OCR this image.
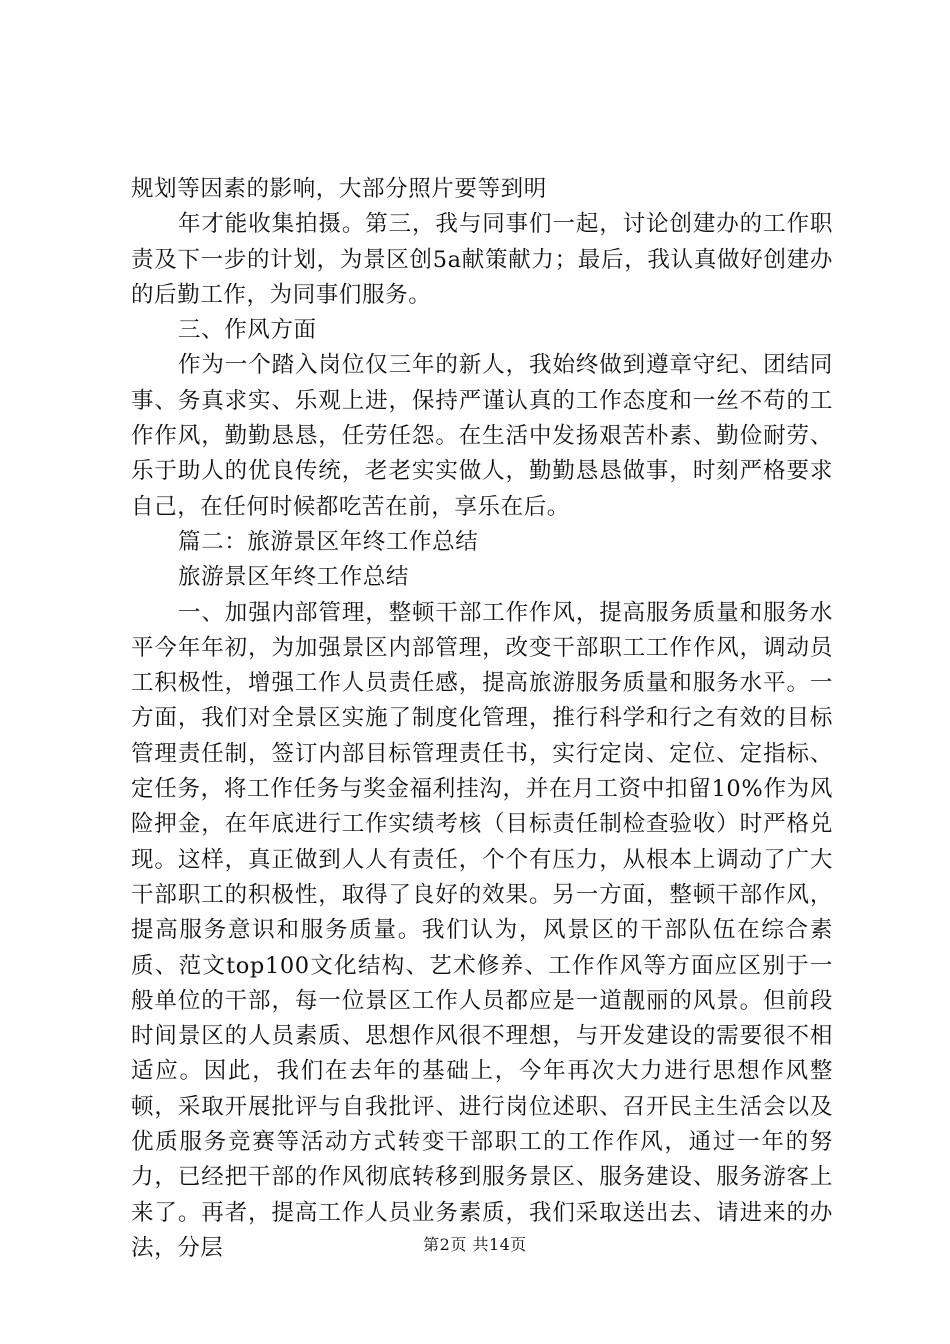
规划等因素的影响，大部分照片要等到明

年才能收集拍摄。第三，我与同事们一起，讨论创建办的工作职责及下一步的计划，为景区创5a献策献力；最后，我认真做好创建办的后勤工作，为同事们服务。

三、作风方面

作为一个踏入岗位仅三年的新人，我始终做到遵章守纪、团结同事、务真求实、乐观上进，保持严谨认真的工作态度和一丝不苟的工作作风，勤勤恳恳，任劳任怨。在生活中发扬艰苦朴素、勤俭耐劳、乐于助人的优良传统，老老实实做人，勤勤恳恳做事，时刻严格要求自己，在任何时候都吃苦在前，享乐在后。

篇二：旅游景区年终工作总结

旅游景区年终工作总结

一、加强内部管理，整顿干部工作作风，提高服务质量和服务水平今年年初，为加强景区内部管理，改变干部职工工作作风，调动员工积极性，增强工作人员责任感，提高旅游服务质量和服务水平。一方面，我们对全景区实施了制度化管理，推行科学和行之有效的目标管理责任制，签订内部目标管理责任书，实行定岗、定位、定指标、定任务，将工作任务与奖金福利挂沟，并在月工资中扣留10%作为风险押金，在年底进行工作实绩考核（目标责任制检查验收）时严格兑现。这样，真正做到人人有责任，个个有压力，从根本上调动了广大干部职工的积极性，取得了良好的效果。另一方面，整顿干部作风，提高服务意识和服务质量。我们认为，风景区的干部队伍在综合素质、范文top100文化结构、艺术修养、工作作风等方面应区别于一般单位的干部，每一位景区工作人员都应是一道靓丽的风景。但前段时间景区的人员素质、思想作风很不理想，与开发建设的需要很不相适应。因此，我们在去年的基础上，今年再次大力进行思想作风整顿，采取开展批评与自我批评、进行岗位述职、召开民主生活会以及优质服务竞赛等活动方式转变干部职工的工作作风，通过一年的努力，已经把干部的作风彻底转移到服务景区、服务建设、服务游客上来了。再者，提高工作人员业务素质，我们采取送出去、请进来的办法，分层	第2页 共14页
